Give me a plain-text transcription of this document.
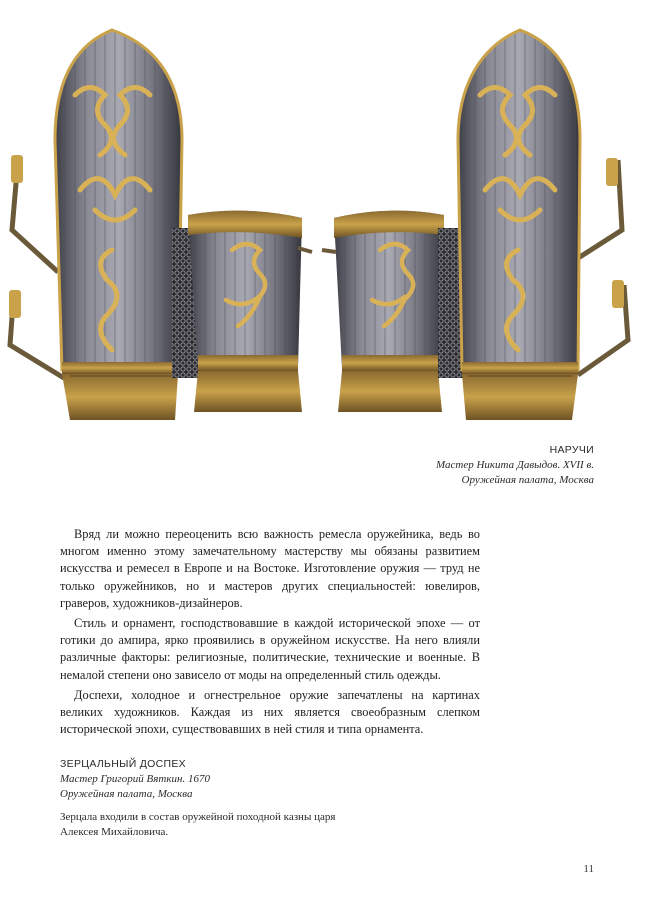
НАРУЧИ
Мастер Никита Давыдов. XVII в.
Оружейная палата, Москва

Вряд ли можно переоценить всю важность ремесла оружейника, ведь во многом именно этому замечательному мастерству мы обязаны развитием искусства и ремесел в Европе и на Востоке. Изготовление оружия — труд не только оружейников, но и мастеров других специальностей: ювелиров, граверов, художников-дизайнеров.

Стиль и орнамент, господствовавшие в каждой исторической эпохе — от готики до ампира, ярко проявились в оружейном искусстве. На него влияли различные факторы: религиозные, политические, технические и военные. В немалой степени оно зависело от моды на определенный стиль одежды.

Доспехи, холодное и огнестрельное оружие запечатлены на картинах великих художников. Каждая из них является своеобразным слепком исторической эпохи, существовавших в ней стиля и типа орнамента.

ЗЕРЦАЛЬНЫЙ ДОСПЕХ
Мастер Григорий Вяткин. 1670
Оружейная палата, Москва
Зерцала входили в состав оружейной походной казны царя Алексея Михайловича.
11
